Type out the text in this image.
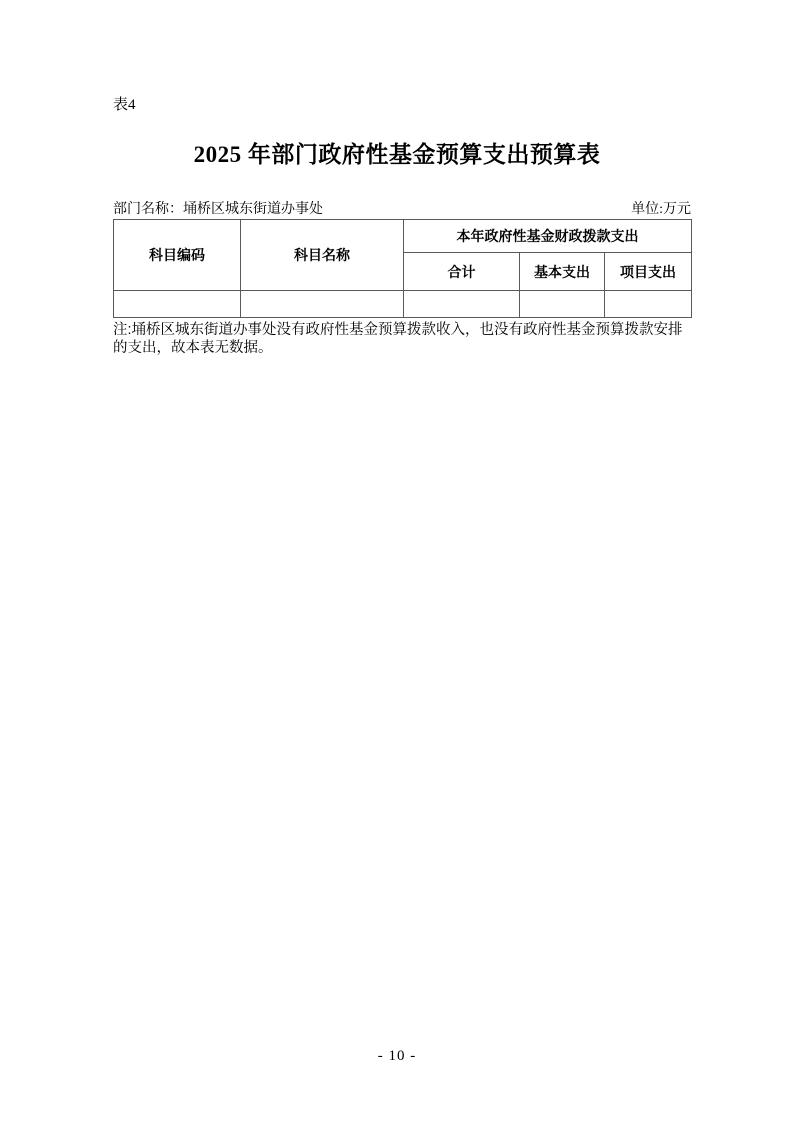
表4
2025 年部门政府性基金预算支出预算表
部门名称：埇桥区城东街道办事处	单位:万元
科目编码	科目名称	本年政府性基金财政拨款支出		
		合计	基本支出	项目支出

注:埇桥区城东街道办事处没有政府性基金预算拨款收入，也没有政府性基金预算拨款安排的支出，故本表无数据。
- 10 -
